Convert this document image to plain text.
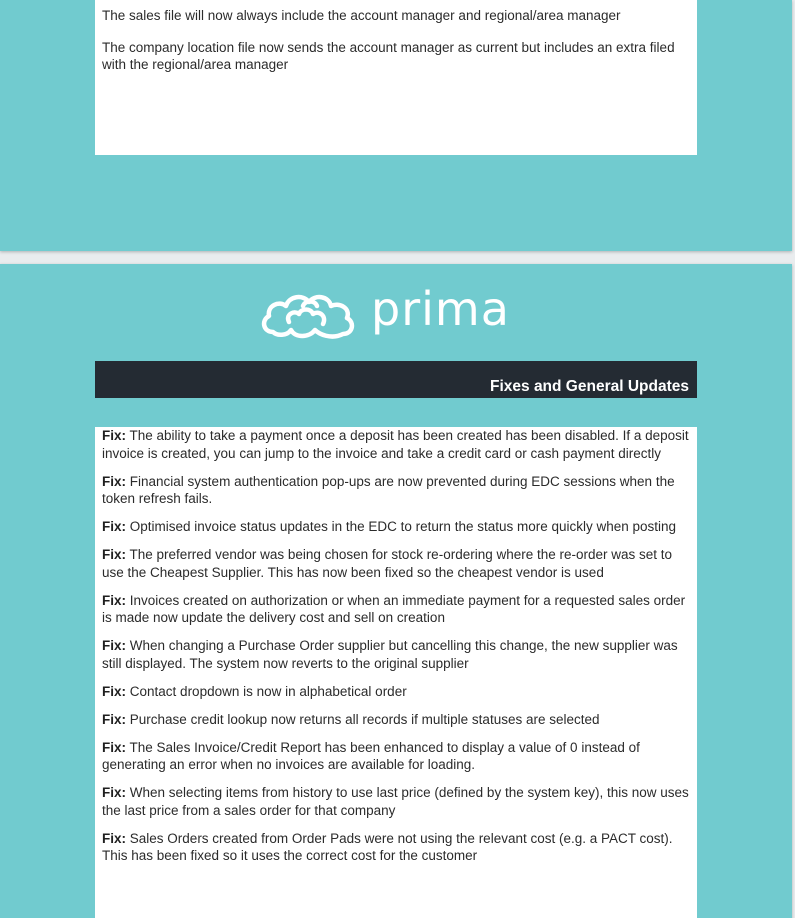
The sales file will now always include the account manager and regional/area manager

The company location file now sends the account manager as current but includes an extra filed with the regional/area manager

prima
Fixes and General Updates

Fix: The ability to take a payment once a deposit has been created has been disabled. If a deposit invoice is created, you can jump to the invoice and take a credit card or cash payment directly

Fix: Financial system authentication pop-ups are now prevented during EDC sessions when the token refresh fails.

Fix: Optimised invoice status updates in the EDC to return the status more quickly when posting

Fix: The preferred vendor was being chosen for stock re-ordering where the re-order was set to use the Cheapest Supplier. This has now been fixed so the cheapest vendor is used

Fix: Invoices created on authorization or when an immediate payment for a requested sales order is made now update the delivery cost and sell on creation

Fix: When changing a Purchase Order supplier but cancelling this change, the new supplier was still displayed. The system now reverts to the original supplier

Fix: Contact dropdown is now in alphabetical order

Fix: Purchase credit lookup now returns all records if multiple statuses are selected

Fix: The Sales Invoice/Credit Report has been enhanced to display a value of 0 instead of generating an error when no invoices are available for loading.

Fix: When selecting items from history to use last price (defined by the system key), this now uses the last price from a sales order for that company

Fix: Sales Orders created from Order Pads were not using the relevant cost (e.g. a PACT cost). This has been fixed so it uses the correct cost for the customer
